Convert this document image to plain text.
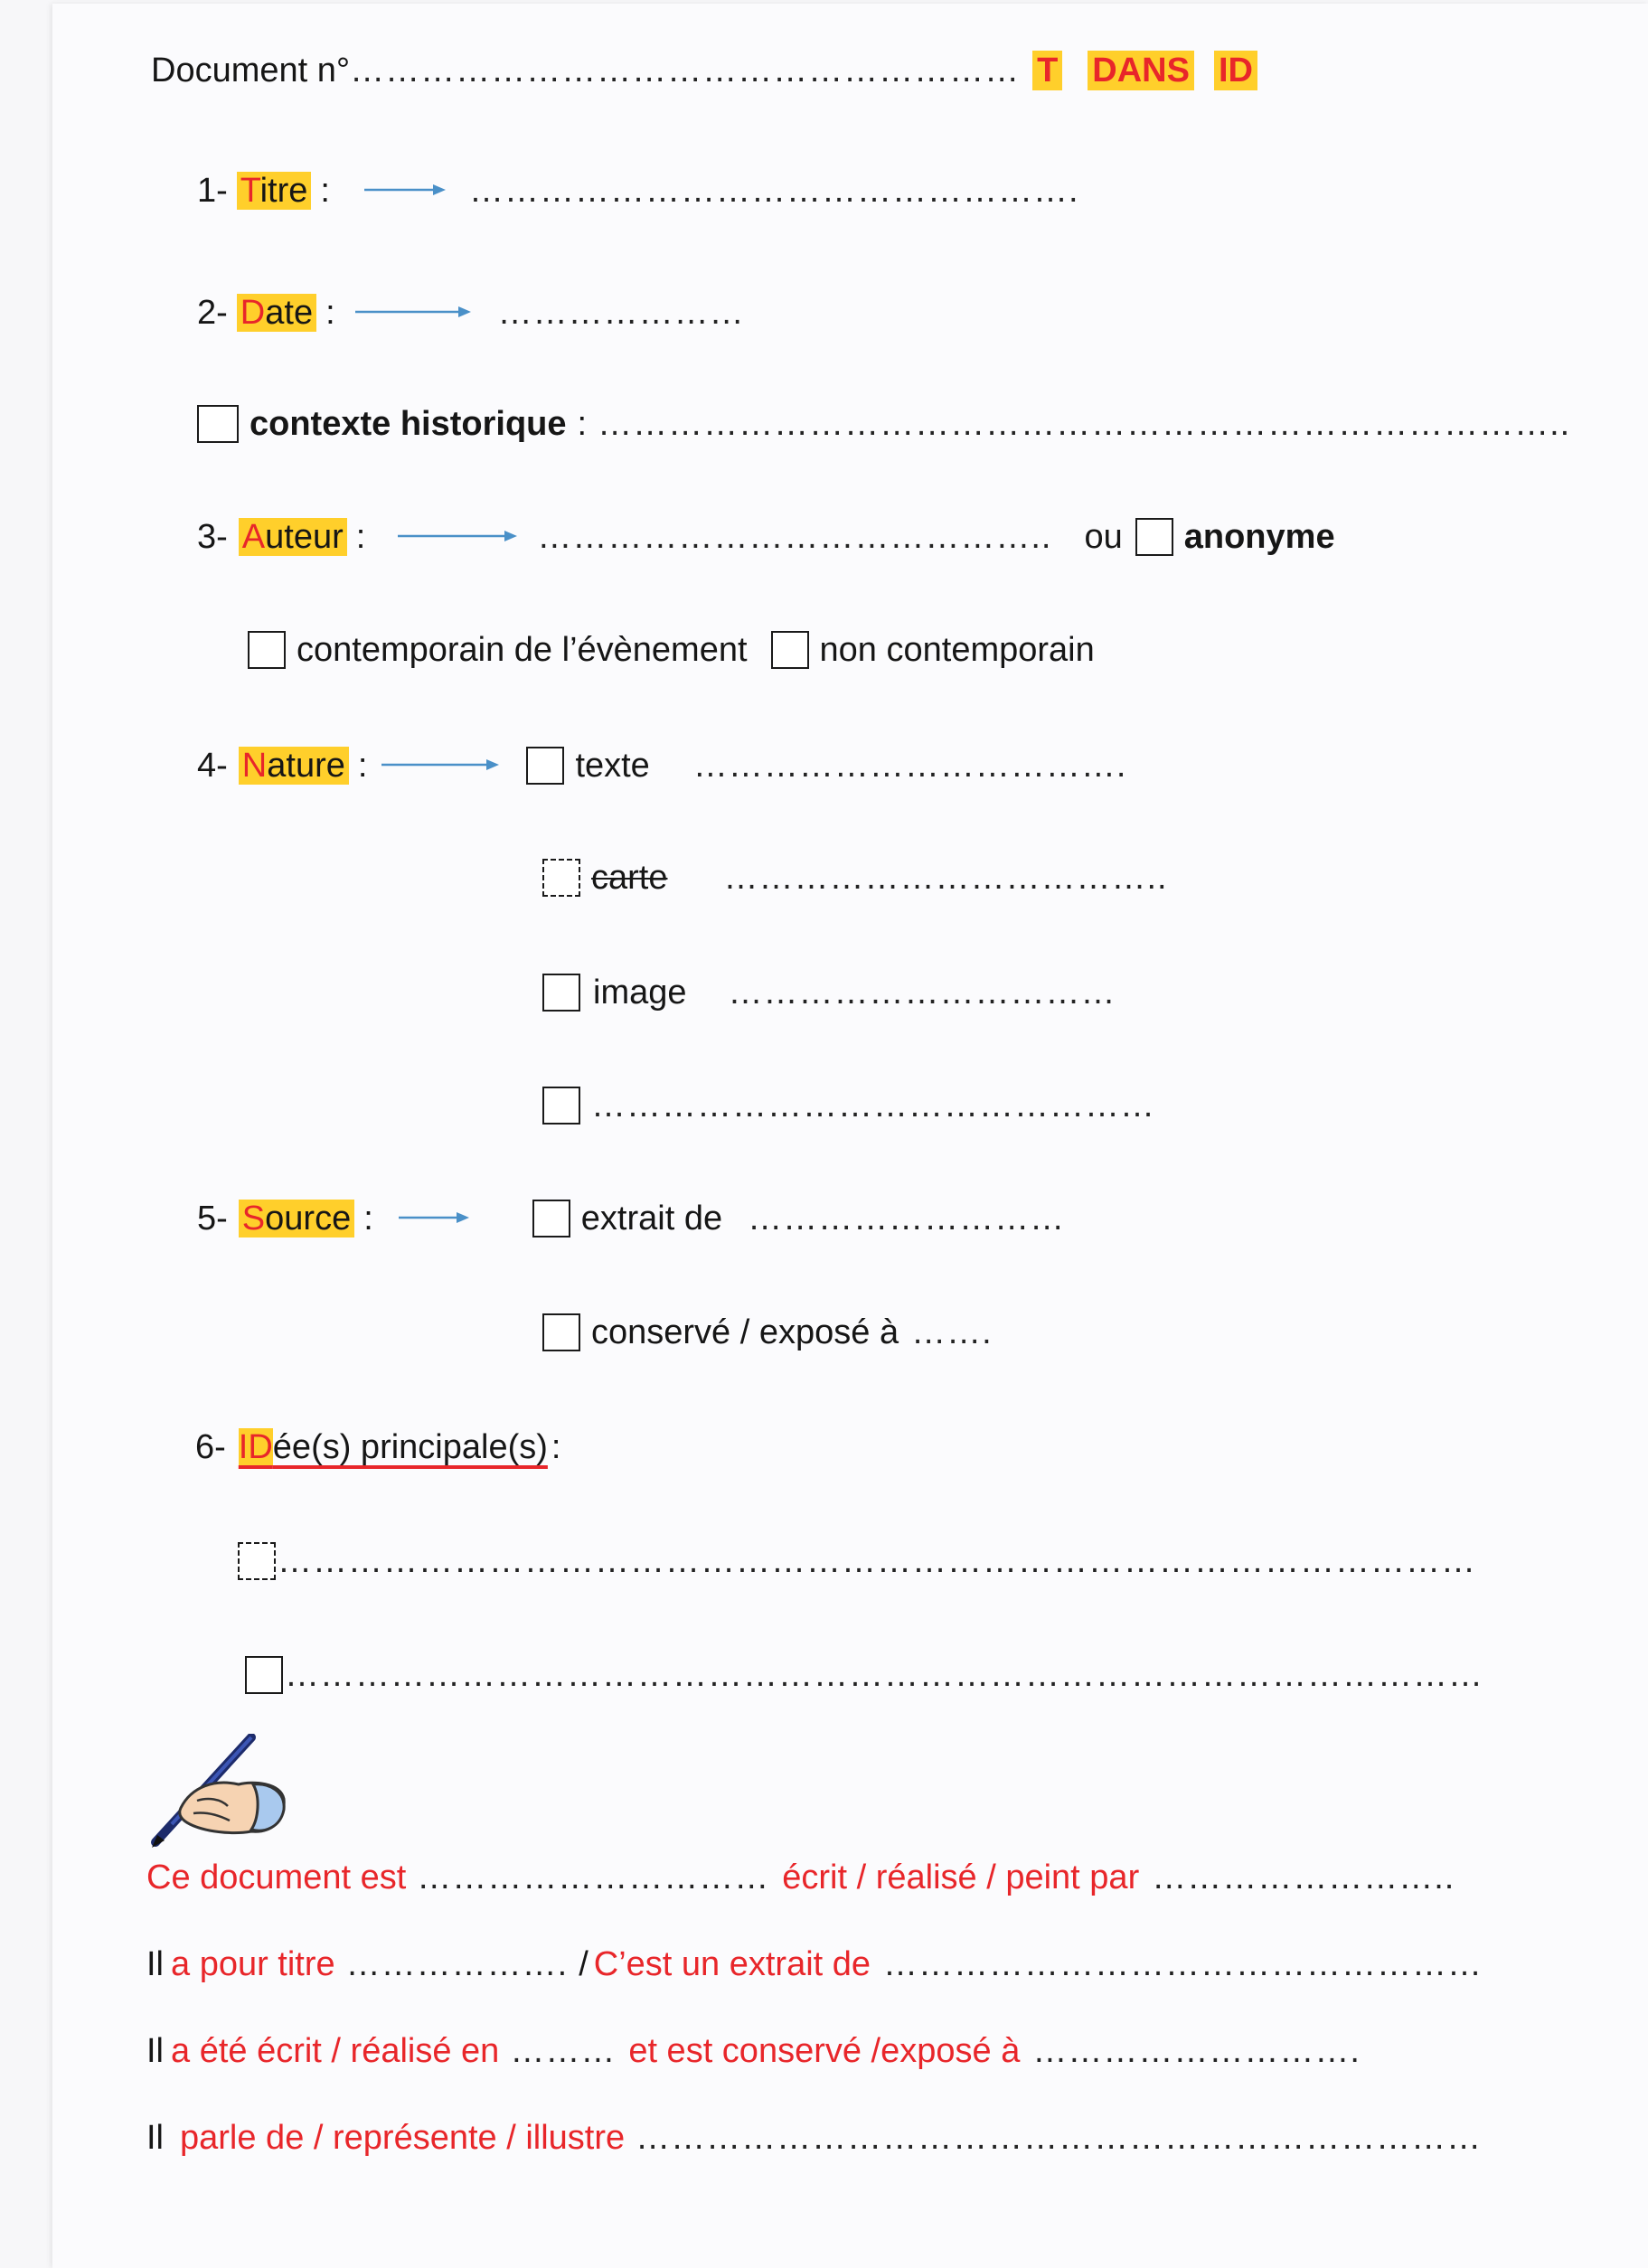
Document n° ………………………………………………… T DANS ID
1- Titre :	…………………………………………….
2- Date :	…………………
contexte historique : ………………………………………………………………………..
3- Auteur :	…………………………………….. ou anonyme
contemporain de l’évènement non contemporain
4- Nature :	texte ……………………………….
carte ………………………………..
image ……………………………
…………………………………………
5- Source :	extrait de ………………………
conservé / exposé à …….
6- IDée(s) principale(s) :
…………………………………………………………………………………………
…………………………………………………………………………………………
Ce document est ………………………… écrit / réalisé / peint par ……………………..
Il a pour titre ………………. / C’est un extrait de ……………………………………………
Il a été écrit / réalisé en ……… et est conservé /exposé à ……………………….
Il parle de / représente / illustre ………………………………………………………………
